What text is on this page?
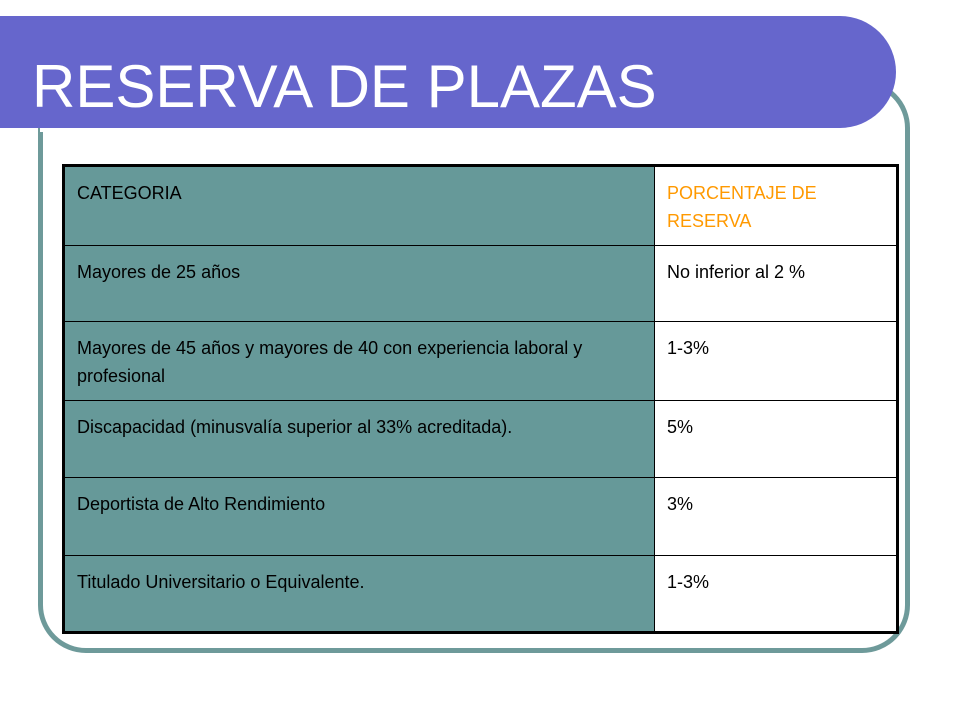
RESERVA DE PLAZAS
CATEGORIA	PORCENTAJE DE RESERVA
Mayores de 25 años	No inferior al 2 %
Mayores de 45 años y mayores de 40 con experiencia laboral y profesional	1-3%
Discapacidad (minusvalía superior al 33% acreditada).	5%
Deportista de Alto Rendimiento	3%
Titulado Universitario o Equivalente.	1-3%
